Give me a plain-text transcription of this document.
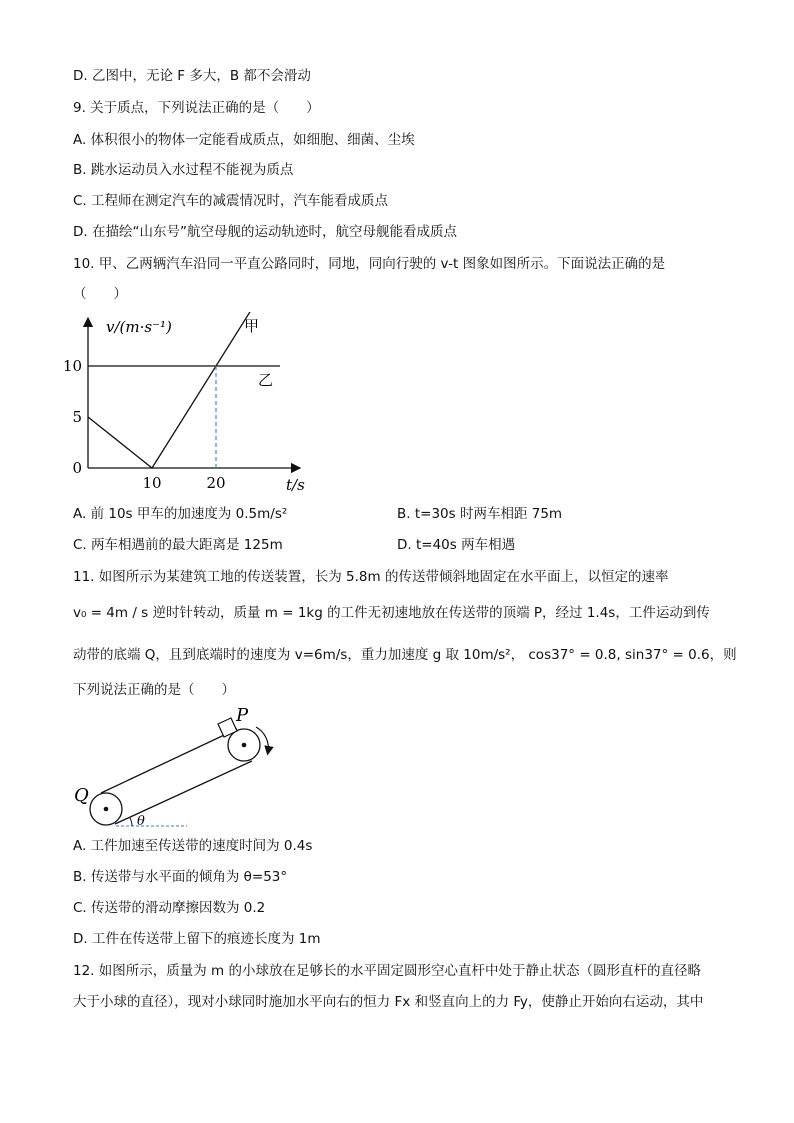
D. 乙图中，无论 F 多大，B 都不会滑动
9. 关于质点，下列说法正确的是（　　）
A. 体积很小的物体一定能看成质点，如细胞、细菌、尘埃
B. 跳水运动员入水过程不能视为质点
C. 工程师在测定汽车的减震情况时，汽车能看成质点
D. 在描绘“山东号”航空母舰的运动轨迹时，航空母舰能看成质点
10. 甲、乙两辆汽车沿同一平直公路同时，同地，同向行驶的 v-t 图象如图所示。下面说法正确的是
（　　）
5
10
0
10	20
v/(m·s⁻¹)
t/s
甲
乙
A. 前 10s 甲车的加速度为 0.5m/s²	B. t=30s 时两车相距 75m
C. 两车相遇前的最大距离是 125m	D. t=40s 两车相遇
11. 如图所示为某建筑工地的传送装置，长为 5.8m 的传送带倾斜地固定在水平面上，以恒定的速率
v₀ = 4m / s 逆时针转动，质量 m = 1kg 的工件无初速地放在传送带的顶端 P，经过 1.4s，工件运动到传
动带的底端 Q，且到底端时的速度为 v=6m/s，重力加速度 g 取 10m/s²， cos37° = 0.8, sin37° = 0.6，则
下列说法正确的是（　　）
P
Q
θ
A. 工件加速至传送带的速度时间为 0.4s
B. 传送带与水平面的倾角为 θ=53°
C. 传送带的滑动摩擦因数为 0.2
D. 工件在传送带上留下的痕迹长度为 1m
12. 如图所示，质量为 m 的小球放在足够长的水平固定圆形空心直杆中处于静止状态（圆形直杆的直径略
大于小球的直径），现对小球同时施加水平向右的恒力 Fx 和竖直向上的力 Fy，使静止开始向右运动，其中
